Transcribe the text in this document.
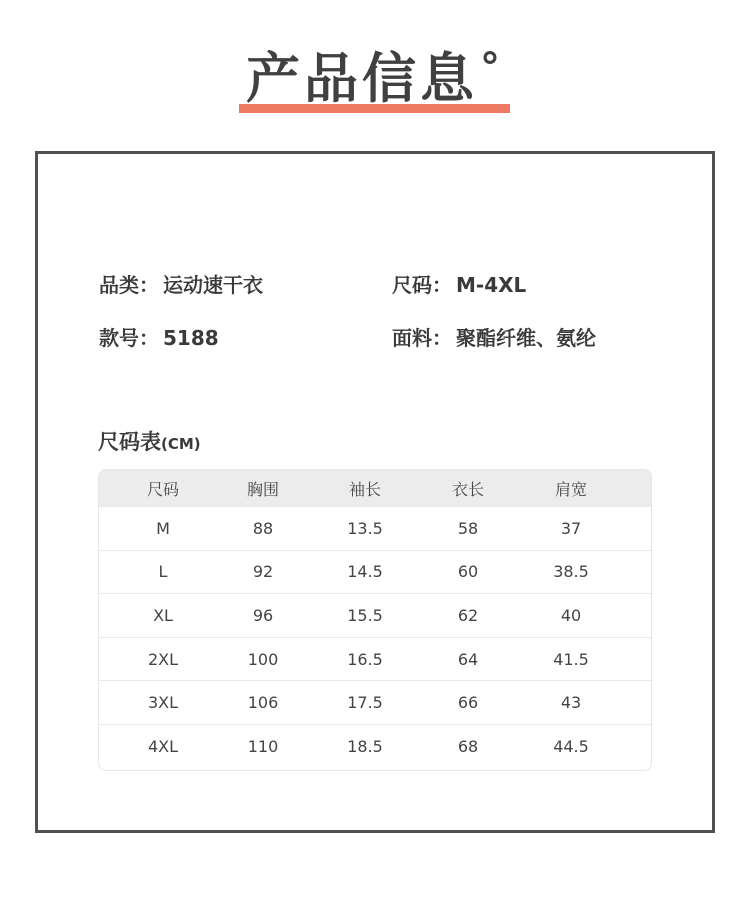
产品信息°
品类： 运动速干衣	尺码： M-4XL
款号： 5188	面料： 聚酯纤维、氨纶
尺码表(CM)
尺码	胸围	袖长	衣长	肩宽
M	88	13.5	58	37
L	92	14.5	60	38.5
XL	96	15.5	62	40
2XL	100	16.5	64	41.5
3XL	106	17.5	66	43
4XL	110	18.5	68	44.5
